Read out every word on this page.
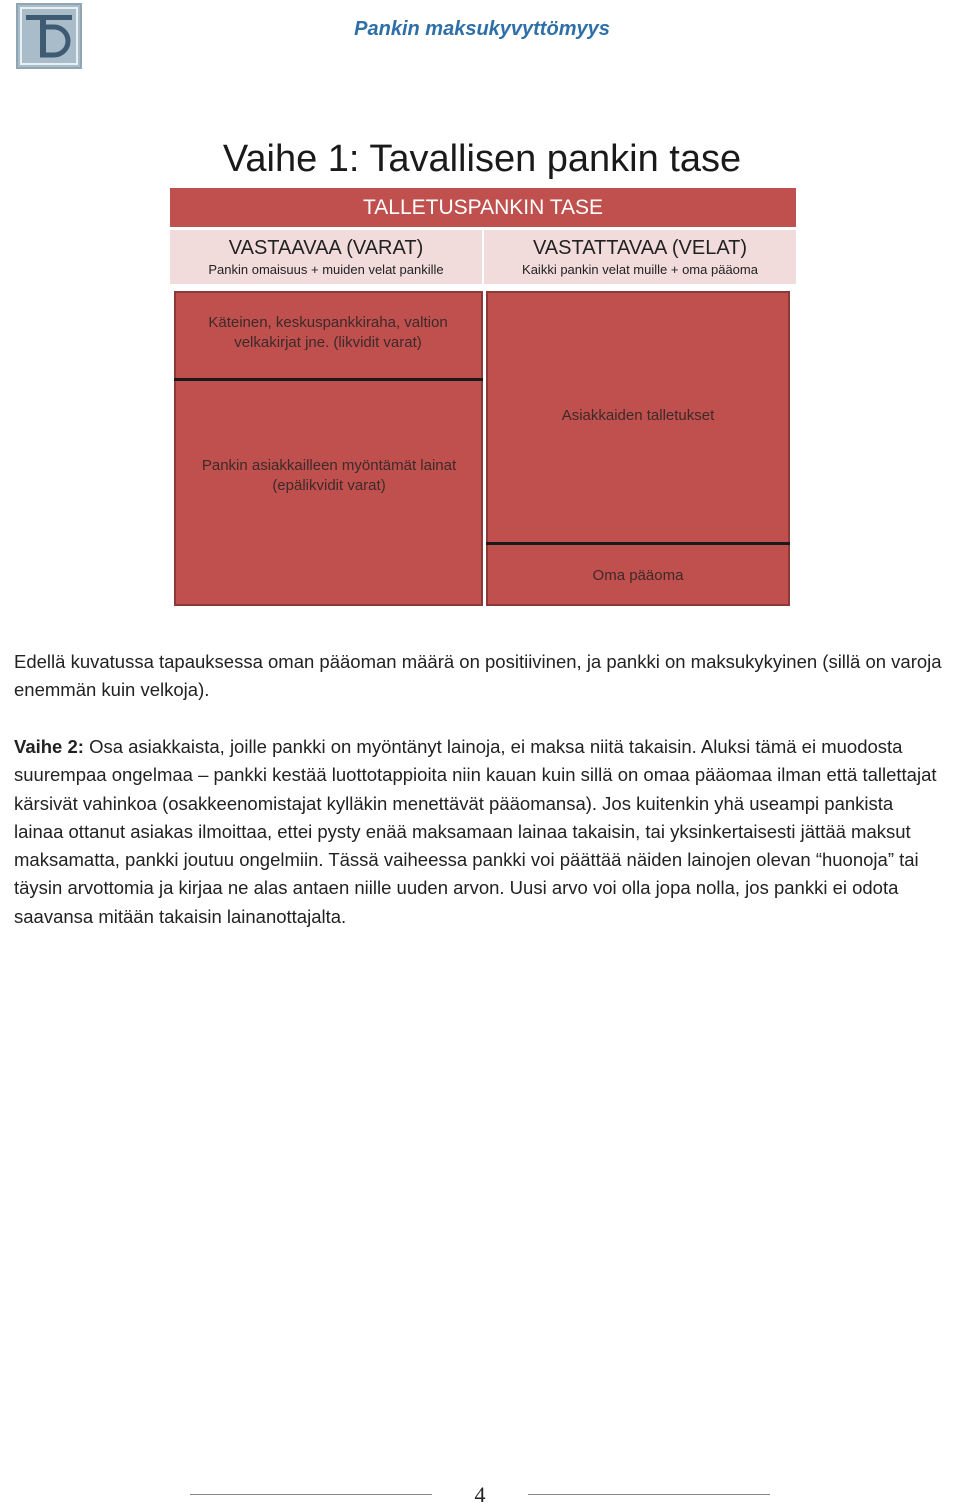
Pankin maksukyvyttömyys
Vaihe 1: Tavallisen pankin tase
TALLETUSPANKIN TASE
VASTAAVAA (VARAT)
Pankin omaisuus + muiden velat pankille
VASTATTAVAA (VELAT)
Kaikki pankin velat muille + oma pääoma
Käteinen, keskuspankkiraha, valtion velkakirjat jne. (likvidit varat)
Pankin asiakkailleen myöntämät lainat (epälikvidit varat)
Asiakkaiden talletukset
Oma pääoma
Edellä kuvatussa tapauksessa oman pääoman määrä on positiivinen, ja pankki on maksukykyinen (sillä on varoja enemmän kuin velkoja).
Vaihe 2: Osa asiakkaista, joille pankki on myöntänyt lainoja, ei maksa niitä takaisin. Aluksi tämä ei muodosta suurempaa ongelmaa – pankki kestää luottotappioita niin kauan kuin sillä on omaa pääomaa ilman että tallettajat kärsivät vahinkoa (osakkeenomistajat kylläkin menettävät pääomansa). Jos kuitenkin yhä useampi pankista lainaa ottanut asiakas ilmoittaa, ettei pysty enää maksamaan lainaa takaisin, tai yksinkertaisesti jättää maksut maksamatta, pankki joutuu ongelmiin. Tässä vaiheessa pankki voi päättää näiden lainojen olevan “huonoja” tai täysin arvottomia ja kirjaa ne alas antaen niille uuden arvon. Uusi arvo voi olla jopa nolla, jos pankki ei odota saavansa mitään takaisin lainanottajalta.
4
